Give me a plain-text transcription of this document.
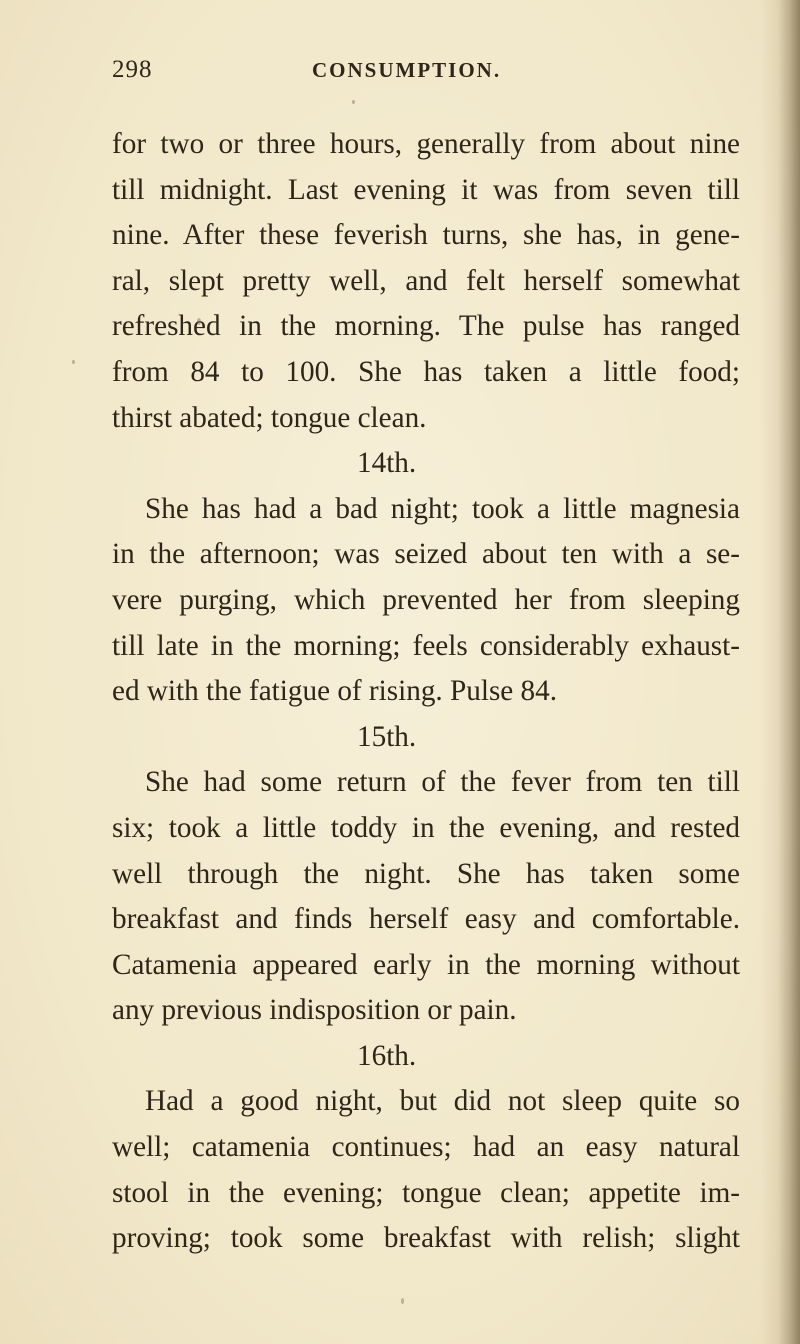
298	CONSUMPTION.
for two or three hours, generally from about nine
till midnight. Last evening it was from seven till
nine. After these feverish turns, she has, in gene-
ral, slept pretty well, and felt herself somewhat
refreshed in the morning. The pulse has ranged
from 84 to 100. She has taken a little food;
thirst abated; tongue clean.
14th.
She has had a bad night; took a little magnesia
in the afternoon; was seized about ten with a se-
vere purging, which prevented her from sleeping
till late in the morning; feels considerably exhaust-
ed with the fatigue of rising. Pulse 84.
15th.
She had some return of the fever from ten till
six; took a little toddy in the evening, and rested
well through the night. She has taken some
breakfast and finds herself easy and comfortable.
Catamenia appeared early in the morning without
any previous indisposition or pain.
16th.
Had a good night, but did not sleep quite so
well; catamenia continues; had an easy natural
stool in the evening; tongue clean; appetite im-
proving; took some breakfast with relish; slight
